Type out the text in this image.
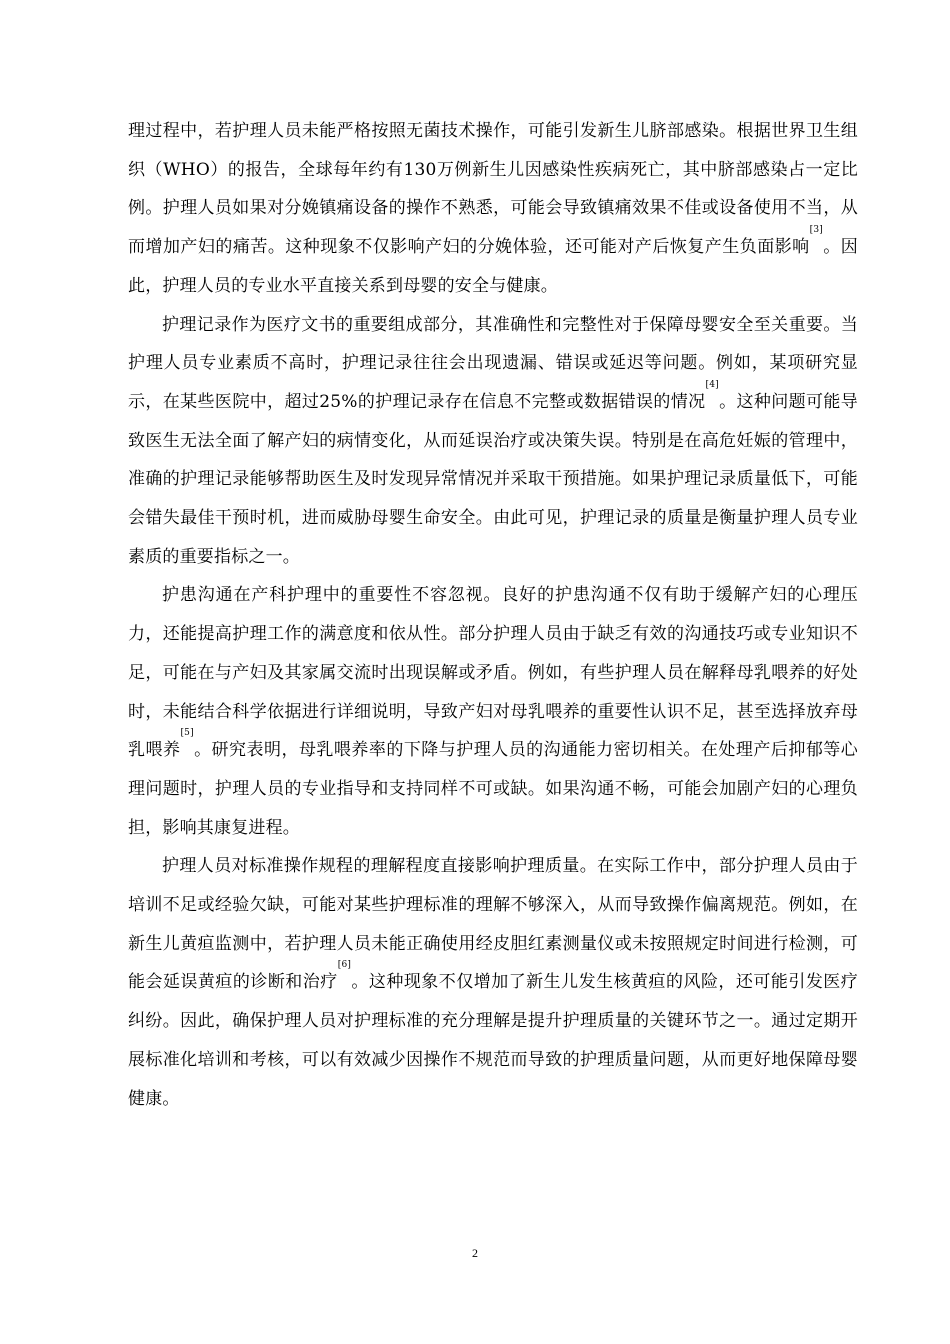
理过程中，若护理人员未能严格按照无菌技术操作，可能引发新生儿脐部感染。根据世界卫生组织（WHO）的报告，全球每年约有130万例新生儿因感染性疾病死亡，其中脐部感染占一定比例。护理人员如果对分娩镇痛设备的操作不熟悉，可能会导致镇痛效果不佳或设备使用不当，从而增加产妇的痛苦。这种现象不仅影响产妇的分娩体验，还可能对产后恢复产生负面影响[3]。因此，护理人员的专业水平直接关系到母婴的安全与健康。

护理记录作为医疗文书的重要组成部分，其准确性和完整性对于保障母婴安全至关重要。当护理人员专业素质不高时，护理记录往往会出现遗漏、错误或延迟等问题。例如，某项研究显示，在某些医院中，超过25%的护理记录存在信息不完整或数据错误的情况[4]。这种问题可能导致医生无法全面了解产妇的病情变化，从而延误治疗或决策失误。特别是在高危妊娠的管理中，准确的护理记录能够帮助医生及时发现异常情况并采取干预措施。如果护理记录质量低下，可能会错失最佳干预时机，进而威胁母婴生命安全。由此可见，护理记录的质量是衡量护理人员专业素质的重要指标之一。

护患沟通在产科护理中的重要性不容忽视。良好的护患沟通不仅有助于缓解产妇的心理压力，还能提高护理工作的满意度和依从性。部分护理人员由于缺乏有效的沟通技巧或专业知识不足，可能在与产妇及其家属交流时出现误解或矛盾。例如，有些护理人员在解释母乳喂养的好处时，未能结合科学依据进行详细说明，导致产妇对母乳喂养的重要性认识不足，甚至选择放弃母乳喂养[5]。研究表明，母乳喂养率的下降与护理人员的沟通能力密切相关。在处理产后抑郁等心理问题时，护理人员的专业指导和支持同样不可或缺。如果沟通不畅，可能会加剧产妇的心理负担，影响其康复进程。

护理人员对标准操作规程的理解程度直接影响护理质量。在实际工作中，部分护理人员由于培训不足或经验欠缺，可能对某些护理标准的理解不够深入，从而导致操作偏离规范。例如，在新生儿黄疸监测中，若护理人员未能正确使用经皮胆红素测量仪或未按照规定时间进行检测，可能会延误黄疸的诊断和治疗[6]。这种现象不仅增加了新生儿发生核黄疸的风险，还可能引发医疗纠纷。因此，确保护理人员对护理标准的充分理解是提升护理质量的关键环节之一。通过定期开展标准化培训和考核，可以有效减少因操作不规范而导致的护理质量问题，从而更好地保障母婴健康。

2
